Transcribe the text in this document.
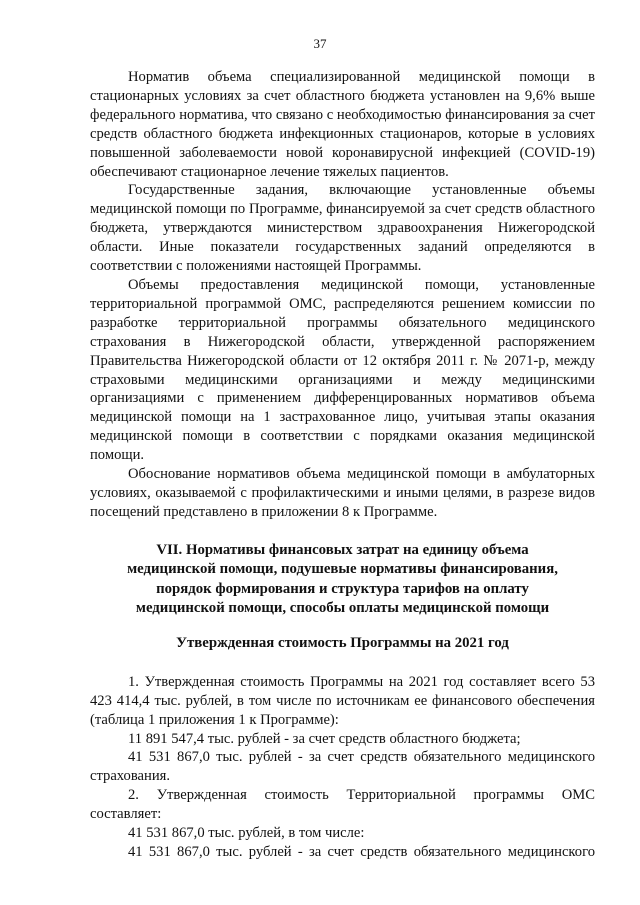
37

Норматив объема специализированной медицинской помощи в стационарных условиях за счет областного бюджета установлен на 9,6% выше федерального норматива, что связано с необходимостью финансирования за счет средств областного бюджета инфекционных стационаров, которые в условиях повышенной заболеваемости новой коронавирусной инфекцией (COVID-19) обеспечивают стационарное лечение тяжелых пациентов.

Государственные задания, включающие установленные объемы медицинской помощи по Программе, финансируемой за счет средств областного бюджета, утверждаются министерством здравоохранения Нижегородской области. Иные показатели государственных заданий определяются в соответствии с положениями настоящей Программы.

Объемы предоставления медицинской помощи, установленные территориальной программой ОМС, распределяются решением комиссии по разработке территориальной программы обязательного медицинского страхования в Нижегородской области, утвержденной распоряжением Правительства Нижегородской области от 12 октября 2011 г. № 2071-р, между страховыми медицинскими организациями и между медицинскими организациями с применением дифференцированных нормативов объема медицинской помощи на 1 застрахованное лицо, учитывая этапы оказания медицинской помощи в соответствии с порядками оказания медицинской помощи.

Обоснование нормативов объема медицинской помощи в амбулаторных условиях, оказываемой с профилактическими и иными целями, в разрезе видов посещений представлено в приложении 8 к Программе.

VII. Нормативы финансовых затрат на единицу объема
медицинской помощи, подушевые нормативы финансирования,
порядок формирования и структура тарифов на оплату
медицинской помощи, способы оплаты медицинской помощи
Утвержденная стоимость Программы на 2021 год

1. Утвержденная стоимость Программы на 2021 год составляет всего 53 423 414,4 тыс. рублей, в том числе по источникам ее финансового обеспечения (таблица 1 приложения 1 к Программе):

11 891 547,4 тыс. рублей - за счет средств областного бюджета;

41 531 867,0 тыс. рублей - за счет средств обязательного медицинского страхования.

2. Утвержденная стоимость Территориальной программы ОМС составляет:

41 531 867,0 тыс. рублей, в том числе:

41 531 867,0 тыс. рублей - за счет средств обязательного медицинского
